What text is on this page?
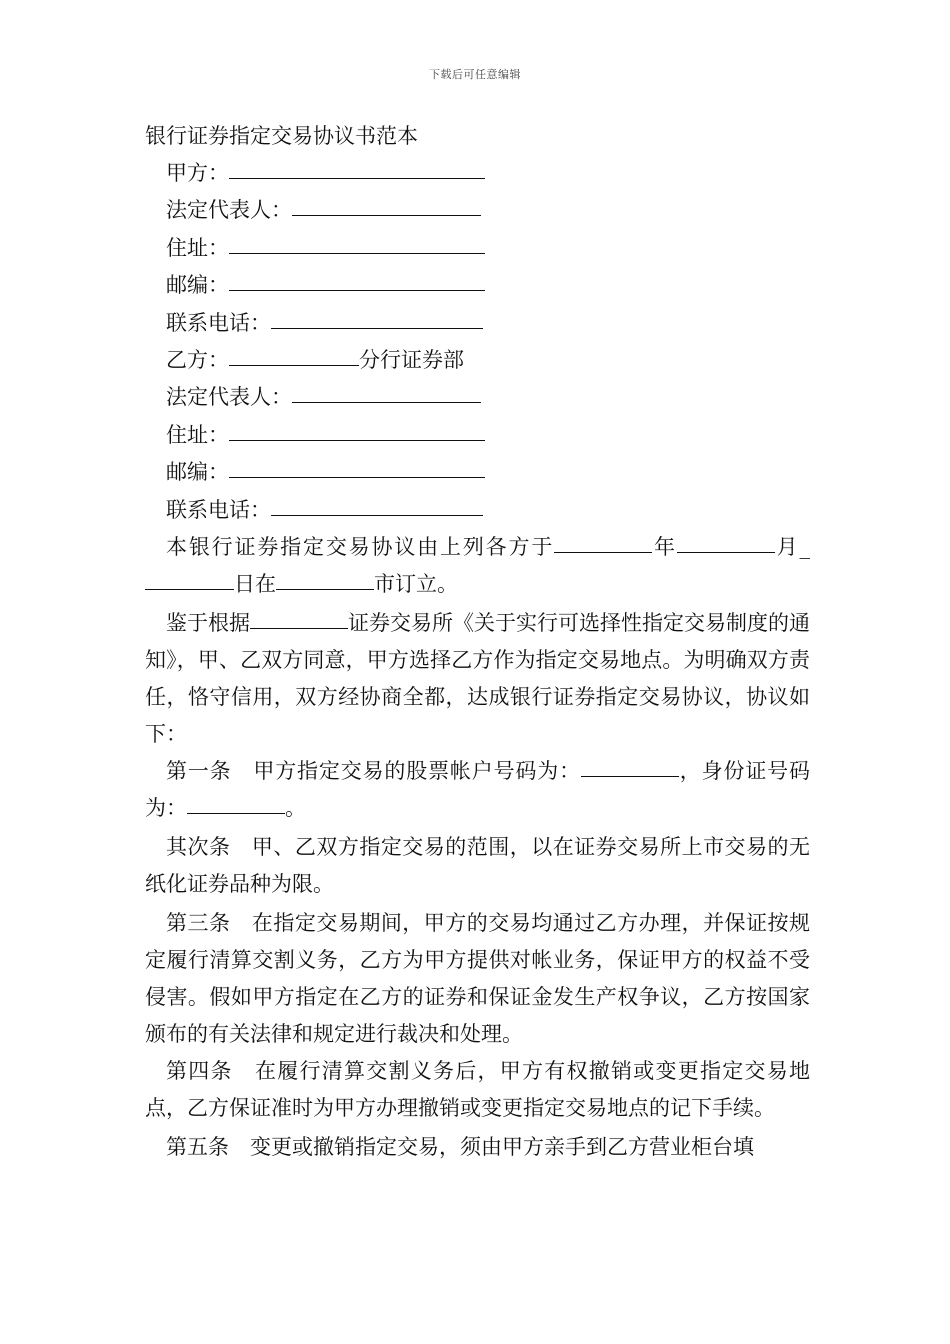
下载后可任意编辑
银行证券指定交易协议书范本
甲方：
法定代表人：
住址：
邮编：
联系电话：
乙方：	分行证券部
法定代表人：
住址：
邮编：
联系电话：
本银行证券指定交易协议由上列各方于	年	月_日在	市订立。
鉴于根据	证券交易所《关于实行可选择性指定交易制度的通知》，甲、乙双方同意，甲方选择乙方作为指定交易地点。为明确双方责任，恪守信用，双方经协商全都，达成银行证券指定交易协议，协议如下：
第一条　甲方指定交易的股票帐户号码为：	，身份证号码为：	。
其次条　甲、乙双方指定交易的范围，以在证券交易所上市交易的无纸化证券品种为限。
第三条　在指定交易期间，甲方的交易均通过乙方办理，并保证按规定履行清算交割义务，乙方为甲方提供对帐业务，保证甲方的权益不受侵害。假如甲方指定在乙方的证券和保证金发生产权争议，乙方按国家颁布的有关法律和规定进行裁决和处理。
第四条　在履行清算交割义务后，甲方有权撤销或变更指定交易地点，乙方保证准时为甲方办理撤销或变更指定交易地点的记下手续。
第五条　变更或撤销指定交易，须由甲方亲手到乙方营业柜台填
